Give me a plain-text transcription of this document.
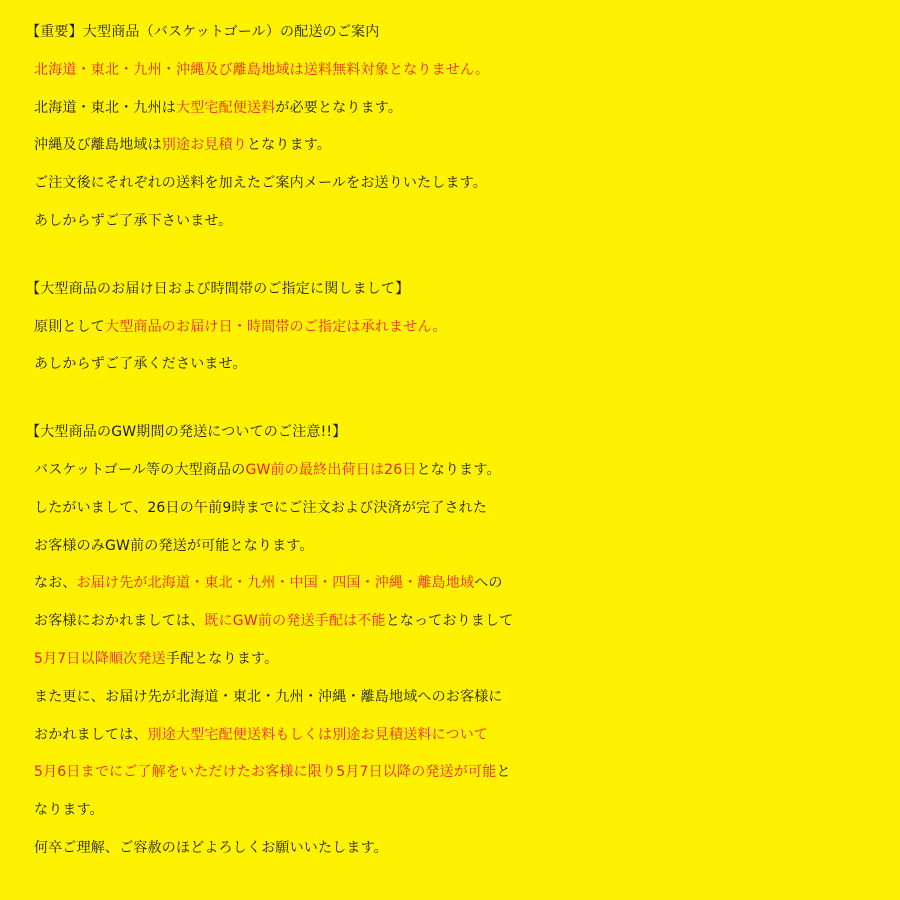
【重要】大型商品（バスケットゴール）の配送のご案内
北海道・東北・九州・沖縄及び離島地域は送料無料対象となりません。
北海道・東北・九州は大型宅配便送料が必要となります。
沖縄及び離島地域は別途お見積りとなります。
ご注文後にそれぞれの送料を加えたご案内メールをお送りいたします。
あしからずご了承下さいませ。
【大型商品のお届け日および時間帯のご指定に関しまして】
原則として大型商品のお届け日・時間帯のご指定は承れません。
あしからずご了承くださいませ。
【大型商品のGW期間の発送についてのご注意!!】
バスケットゴール等の大型商品のGW前の最終出荷日は26日となります。
したがいまして、26日の午前9時までにご注文および決済が完了された
お客様のみGW前の発送が可能となります。
なお、お届け先が北海道・東北・九州・中国・四国・沖縄・離島地域への
お客様におかれましては、既にGW前の発送手配は不能となっておりまして
5月7日以降順次発送手配となります。
また更に、お届け先が北海道・東北・九州・沖縄・離島地域へのお客様に
おかれましては、別途大型宅配便送料もしくは別途お見積送料について
5月6日までにご了解をいただけたお客様に限り5月7日以降の発送が可能と
なります。
何卒ご理解、ご容赦のほどよろしくお願いいたします。
